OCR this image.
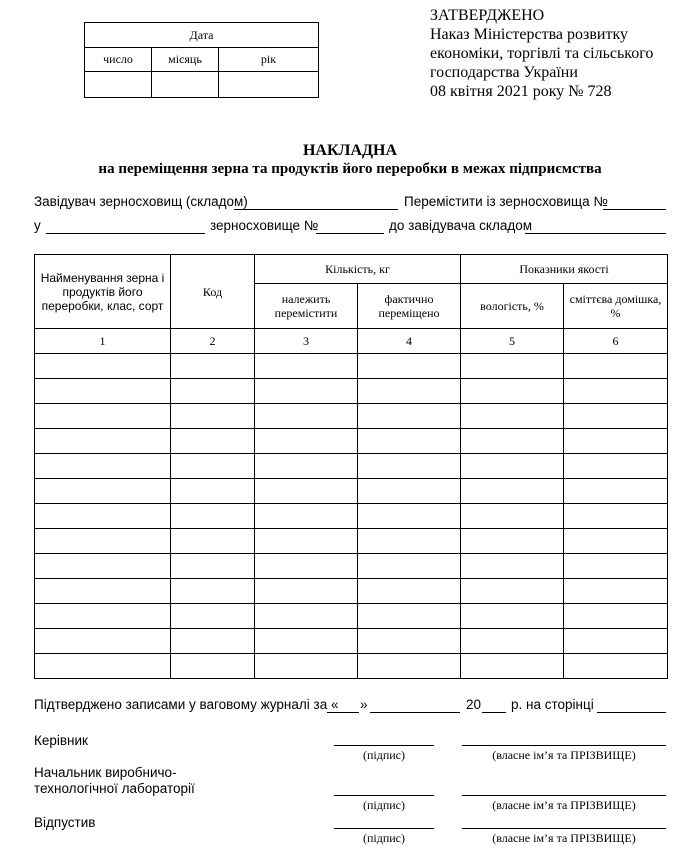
Дата		
число	місяць	рік

ЗАТВЕРДЖЕНО
Наказ Міністерства розвитку
економіки, торгівлі та сільського
господарства України
08 квітня 2021 року № 728
НАКЛАДНА
на переміщення зерна та продуктів його переробки в межах підприємства
Завідувач зерносховищ (складом)	Перемістити із зерносховища №
у	зерносховище №	до завідувача складом
Найменування зерна і продуктів його переробки, клас, сорт	Код	Кількість, кг		Показники якості	
		належить перемістити	фактично переміщено	вологість, %	сміттєва домішка, %
1	2	3	4	5	6

Підтверджено записами у ваговому журналі за « »	20 р. на сторінці
Керівник
(підпис)	(власне ім’я та ПРІЗВИЩЕ)
Начальник виробничо-
технологічної лабораторії
(підпис)	(власне ім’я та ПРІЗВИЩЕ)
Відпустив
(підпис)	(власне ім’я та ПРІЗВИЩЕ)
